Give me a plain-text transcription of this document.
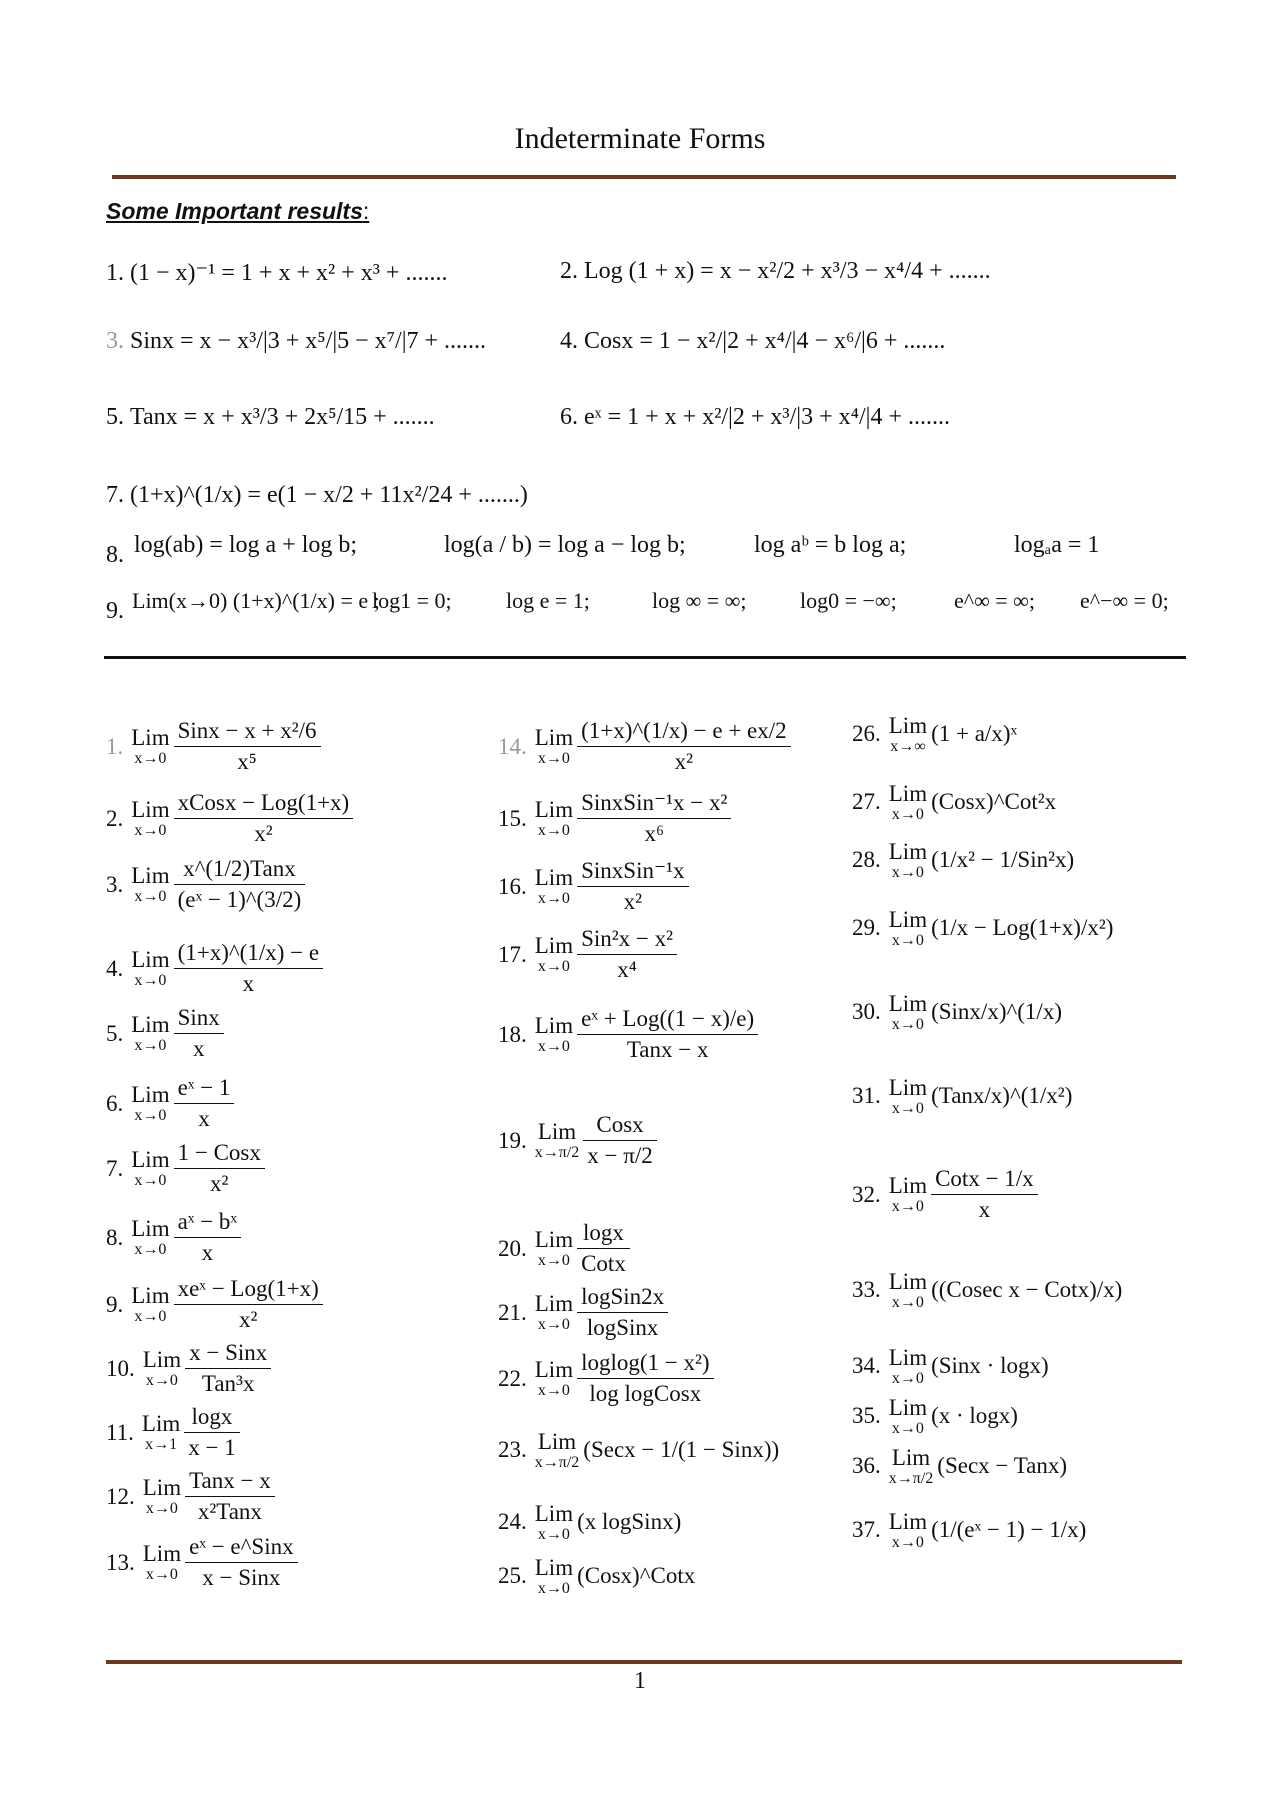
Indeterminate Forms
Some Important results:
1. (1 − x)⁻¹ = 1 + x + x² + x³ + .......	2. Log (1 + x) = x − x²/2 + x³/3 − x⁴/4 + .......
3. Sinx = x − x³/|3 + x⁵/|5 − x⁷/|7 + .......	4. Cosx = 1 − x²/|2 + x⁴/|4 − x⁶/|6 + .......
5. Tanx = x + x³/3 + 2x⁵/15 + .......	6. eˣ = 1 + x + x²/|2 + x³/|3 + x⁴/|4 + .......
7. (1+x)^(1/x) = e(1 − x/2 + 11x²/24 + .......)
8. log(ab) = log a + log b;	log(a / b) = log a − log b;	log aᵇ = b log a;	logₐa = 1
9. Lim(x→0) (1+x)^(1/x) = e ;
log1 = 0; log e = 1;	log ∞ = ∞; log0 = −∞;	e^∞ = ∞; e^−∞ = 0;
1. Lim
$x\to 0 \frac{\text{Sinx − x + x²/6}}{\text{x⁵}}$
2. Lim
$x\to 0 \frac{\text{xCosx − Log(1+x)}}{\text{x²}}$
3. Lim
$x\to 0 \frac{\text{x\textasciicircum{}(1/2)Tanx}}{\text{(eˣ − 1)\textasciicircum{}(3/2)}}$
4. Lim
$x\to 0 \frac{(1+x)\^{}(1/x) - e}{x}$
5. Lim
$x\to 0 \frac{\text{Sinx}}{x}$
6. Lim
$x\to 0 \frac{\text{eˣ − 1}}{x}$
7. Lim
$x\to 0 \frac{\text{1 − Cosx}}{\text{x²}}$
8. Lim
$x\to 0 \frac{\text{aˣ − bˣ}}{x}$
9. Lim
$x\to 0 \frac{\text{xeˣ − Log(1+x)}}{\text{x²}}$
10. Lim
$x\to 0 \frac{\text{x − Sinx}}{\text{Tan³x}}$
11. Lim
$x\to 1 \frac{\log x}{x - 1}$
12. Lim
$x\to 0 \frac{\text{Tanx − x}}{\text{x²Tanx}}$
13. Lim
$x\to 0 \frac{\text{eˣ − e\textasciicircum{}Sinx}}{\text{x − Sinx}}$
14. Lim
$x\to 0 \frac{(1+x)\^{}(1/x) - e + ex/2}{\text{x²}}$
15. Lim
$x\to 0 \frac{\text{SinxSin⁻¹x − x²}}{\text{x⁶}}$
16. Lim
$x\to 0 \frac{\text{SinxSin⁻¹x}}{\text{x²}}$
17. Lim
$x\to 0 \frac{\text{Sin²x − x²}}{\text{x⁴}}$
18. Lim
$x\to 0 \frac{\text{eˣ + Log((1 − x)/e)}}{\text{Tanx − x}}$
19. Lim
$x\to\pi/2 \frac{\text{Cosx}}{x - \pi/2}$
20. Lim
$x\to 0 \frac{\log x}{\text{Cotx}}$
21. Lim
$x\to 0 \frac{\text{logSin2x}}{\text{logSinx}}$
22. Lim
$x\to 0 \frac{\text{loglog(1 − x²)}}{\text{log logCosx}}$
23. Lim
x→π/2
(Secx − 1/(1 − Sinx))
24. Lim
x→0
(x logSinx)
25. Lim
x→0
(Cosx)^Cotx
26. Lim
x→∞
(1 + a/x)ˣ
27. Lim
x→0
(Cosx)^Cot²x
28. Lim
x→0
(1/x² − 1/Sin²x)
29. Lim
x→0
(1/x − Log(1+x)/x²)
30. Lim
x→0
(Sinx/x)^(1/x)
31. Lim
x→0
(Tanx/x)^(1/x²)
32. Lim
$x\to 0 \frac{\text{Cotx − 1/x}}{x}$
33. Lim
x→0
((Cosec x − Cotx)/x)
34. Lim
x→0
(Sinx · logx)
35. Lim
x→0
(x · logx)
36. Lim
x→π/2
(Secx − Tanx)
37. Lim
x→0
(1/(eˣ − 1) − 1/x)
1
